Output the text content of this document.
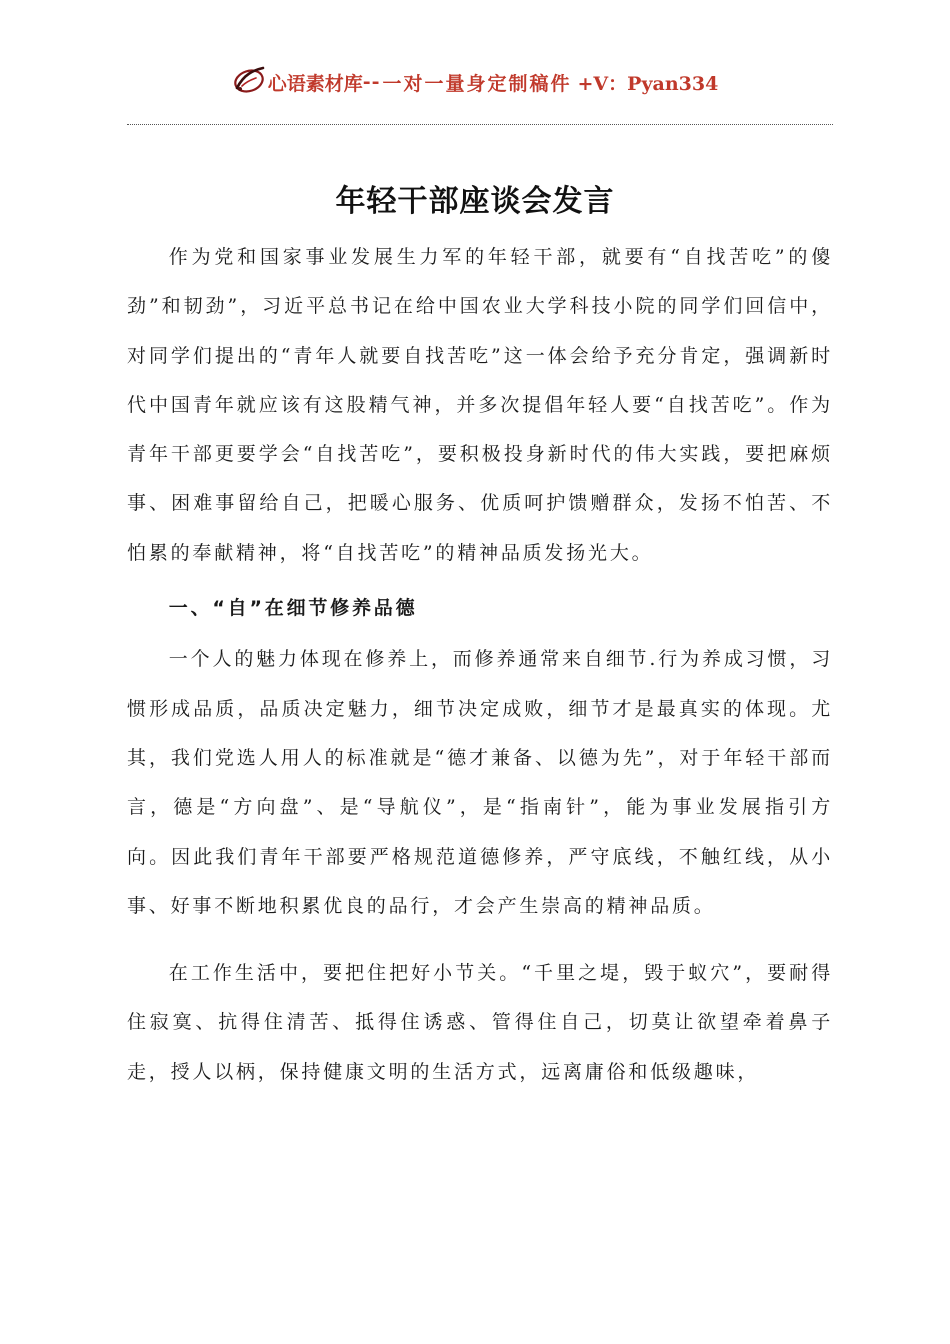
心语素材库 -- 一对一量身定制稿件 +V：Pyan334
年轻干部座谈会发言

作为党和国家事业发展生力军的年轻干部，就要有“自找苦吃”的傻劲”和韧劲”，习近平总书记在给中国农业大学科技小院的同学们回信中，对同学们提出的“青年人就要自找苦吃”这一体会给予充分肯定，强调新时代中国青年就应该有这股精气神，并多次提倡年轻人要“自找苦吃”。作为青年干部更要学会“自找苦吃”，要积极投身新时代的伟大实践，要把麻烦事、困难事留给自己，把暖心服务、优质呵护馈赠群众，发扬不怕苦、不怕累的奉献精神，将“自找苦吃”的精神品质发扬光大。

一、“自”在细节修养品德

一个人的魅力体现在修养上，而修养通常来自细节.行为养成习惯，习惯形成品质，品质决定魅力，细节决定成败，细节才是最真实的体现。尤其，我们党选人用人的标准就是“德才兼备、以德为先”，对于年轻干部而言，德是“方向盘”、是“导航仪”，是“指南针”，能为事业发展指引方向。因此我们青年干部要严格规范道德修养，严守底线，不触红线，从小事、好事不断地积累优良的品行，才会产生崇高的精神品质。

在工作生活中，要把住把好小节关。“千里之堤，毁于蚁穴”，要耐得住寂寞、抗得住清苦、抵得住诱惑、管得住自己，切莫让欲望牵着鼻子走，授人以柄，保持健康文明的生活方式，远离庸俗和低级趣味，
